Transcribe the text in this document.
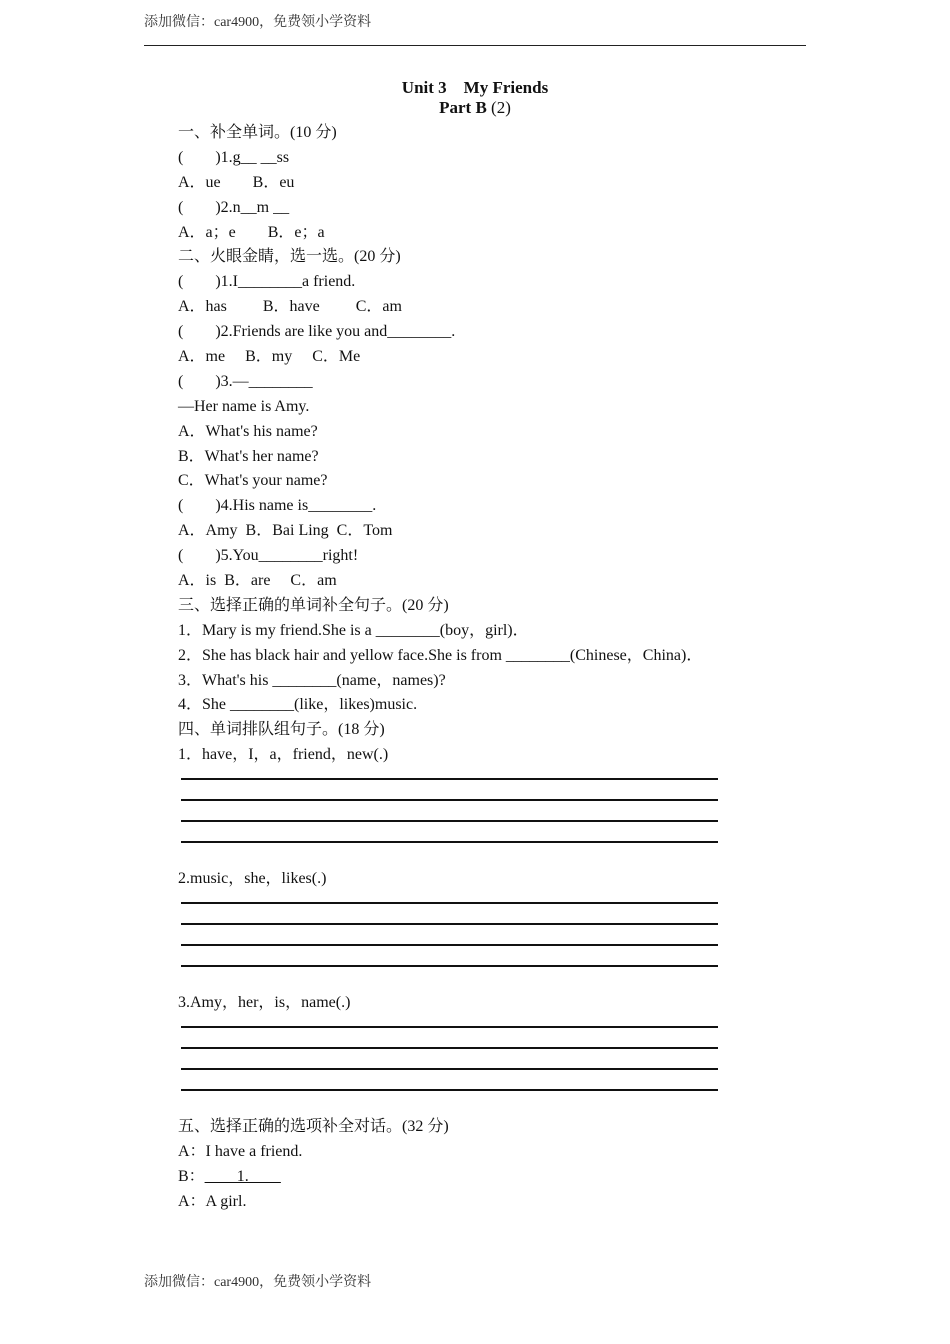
添加微信：car4900，免费领小学资料
Unit 3　My Friends
Part B (2)
一、补全单词。(10 分)
(　　)1.g__ __ss
A．ue　　B．eu
(　　)2.n__m __
A．a；e　　B．e；a
二、火眼金睛，选一选。(20 分)
(　　)1.I________a friend.
A．has　　 B．have　　 C．am
(　　)2.Friends are like you and________.
A．me　 B．my　 C．Me
(　　)3.—________
—Her name is Amy.
A．What's his name?
B．What's her name?
C．What's your name?
(　　)4.His name is________.
A．Amy  B．Bai Ling  C．Tom
(　　)5.You________right!
A．is  B．are　 C．am
三、选择正确的单词补全句子。(20 分)
1．Mary is my friend.She is a ________(boy，girl)．
2．She has black hair and yellow face.She is from ________(Chinese，China)．
3．What's his ________(name，names)?
4．She ________(like，likes)music.
四、单词排队组句子。(18 分)
1．have，I，a，friend，new(.)
2.music，she，likes(.)
3.Amy，her，is，name(.)
五、选择正确的选项补全对话。(32 分)
A：I have a friend.
B：____1.____
A：A girl.
添加微信：car4900，免费领小学资料
